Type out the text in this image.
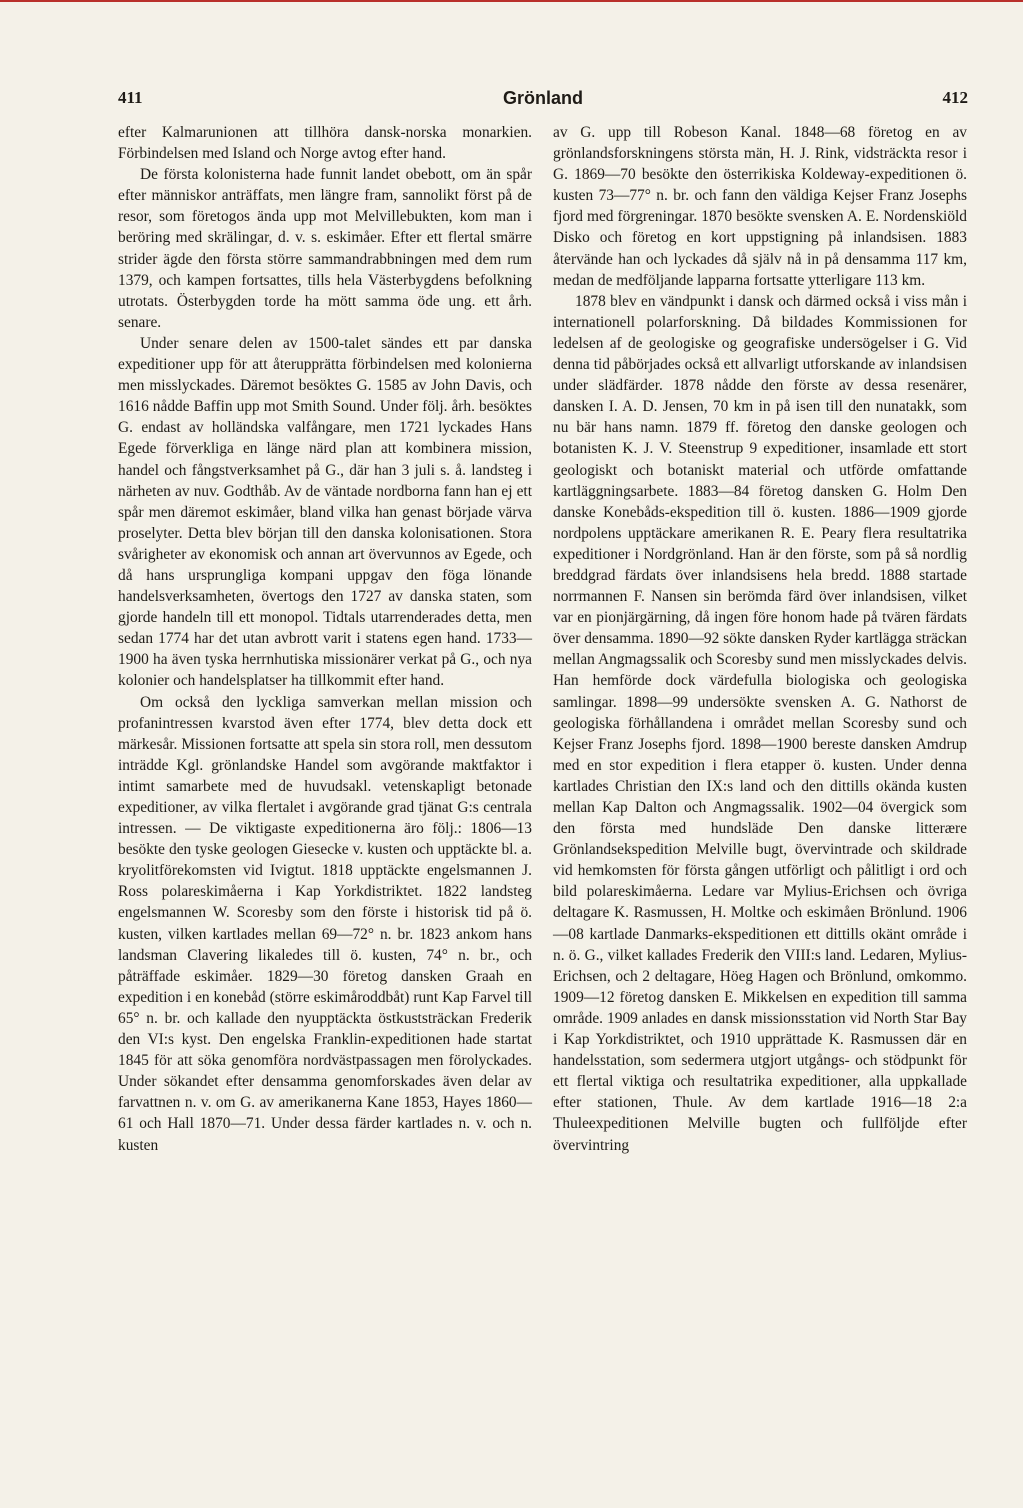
411	Grönland	412

efter Kalmarunionen att tillhöra dansk-norska monarkien. Förbindelsen med Island och Norge avtog efter hand.

De första kolonisterna hade funnit landet obebott, om än spår efter människor anträffats, men längre fram, sannolikt först på de resor, som företogos ända upp mot Melvillebukten, kom man i beröring med skrälingar, d. v. s. eskimåer. Efter ett flertal smärre strider ägde den första större sammandrabbningen med dem rum 1379, och kampen fortsattes, tills hela Västerbygdens befolkning utrotats. Österbygden torde ha mött samma öde ung. ett årh. senare.

Under senare delen av 1500-talet sändes ett par danska expeditioner upp för att återupprätta förbindelsen med kolonierna men misslyckades. Däremot besöktes G. 1585 av John Davis, och 1616 nådde Baffin upp mot Smith Sound. Under följ. årh. besöktes G. endast av holländska valfångare, men 1721 lyckades Hans Egede förverkliga en länge närd plan att kombinera mission, handel och fångstverksamhet på G., där han 3 juli s. å. landsteg i närheten av nuv. Godthåb. Av de väntade nordborna fann han ej ett spår men däremot eskimåer, bland vilka han genast började värva proselyter. Detta blev början till den danska kolonisationen. Stora svårigheter av ekonomisk och annan art övervunnos av Egede, och då hans ursprungliga kompani uppgav den föga lönande handelsverksamheten, övertogs den 1727 av danska staten, som gjorde handeln till ett monopol. Tidtals utarrenderades detta, men sedan 1774 har det utan avbrott varit i statens egen hand. 1733—1900 ha även tyska herrnhutiska missionärer verkat på G., och nya kolonier och handelsplatser ha tillkommit efter hand.

Om också den lyckliga samverkan mellan mission och profanintressen kvarstod även efter 1774, blev detta dock ett märkesår. Missionen fortsatte att spela sin stora roll, men dessutom inträdde Kgl. grönlandske Handel som avgörande maktfaktor i intimt samarbete med de huvudsakl. vetenskapligt betonade expeditioner, av vilka flertalet i avgörande grad tjänat G:s centrala intressen. — De viktigaste expeditionerna äro följ.: 1806—13 besökte den tyske geologen Giesecke v. kusten och upptäckte bl. a. kryolitförekomsten vid Ivigtut. 1818 upptäckte engelsmannen J. Ross polareskimåerna i Kap Yorkdistriktet. 1822 landsteg engelsmannen W. Scoresby som den förste i historisk tid på ö. kusten, vilken kartlades mellan 69—72° n. br. 1823 ankom hans landsman Clavering likaledes till ö. kusten, 74° n. br., och påträffade eskimåer. 1829—30 företog dansken Graah en expedition i en konebåd (större eskimåroddbåt) runt Kap Farvel till 65° n. br. och kallade den nyupptäckta östkuststräckan Frederik den VI:s kyst. Den engelska Franklin-expeditionen hade startat 1845 för att söka genomföra nordvästpassagen men förolyckades. Under sökandet efter densamma genomforskades även delar av farvattnen n. v. om G. av amerikanerna Kane 1853, Hayes 1860—61 och Hall 1870—71. Under dessa färder kartlades n. v. och n. kusten

av G. upp till Robeson Kanal. 1848—68 företog en av grönlandsforskningens största män, H. J. Rink, vidsträckta resor i G. 1869—70 besökte den österrikiska Koldeway-expeditionen ö. kusten 73—77° n. br. och fann den väldiga Kejser Franz Josephs fjord med förgreningar. 1870 besökte svensken A. E. Nordenskiöld Disko och företog en kort uppstigning på inlandsisen. 1883 återvände han och lyckades då själv nå in på densamma 117 km, medan de medföljande lapparna fortsatte ytterligare 113 km.

1878 blev en vändpunkt i dansk och därmed också i viss mån i internationell polarforskning. Då bildades Kommissionen for ledelsen af de geologiske og geografiske undersögelser i G. Vid denna tid påbörjades också ett allvarligt utforskande av inlandsisen under slädfärder. 1878 nådde den förste av dessa resenärer, dansken I. A. D. Jensen, 70 km in på isen till den nunatakk, som nu bär hans namn. 1879 ff. företog den danske geologen och botanisten K. J. V. Steenstrup 9 expeditioner, insamlade ett stort geologiskt och botaniskt material och utförde omfattande kartläggningsarbete. 1883—84 företog dansken G. Holm Den danske Konebåds-ekspedition till ö. kusten. 1886—1909 gjorde nordpolens upptäckare amerikanen R. E. Peary flera resultatrika expeditioner i Nordgrönland. Han är den förste, som på så nordlig breddgrad färdats över inlandsisens hela bredd. 1888 startade norrmannen F. Nansen sin berömda färd över inlandsisen, vilket var en pionjärgärning, då ingen före honom hade på tvären färdats över densamma. 1890—92 sökte dansken Ryder kartlägga sträckan mellan Angmagssalik och Scoresby sund men misslyckades delvis. Han hemförde dock värdefulla biologiska och geologiska samlingar. 1898—99 undersökte svensken A. G. Nathorst de geologiska förhållandena i området mellan Scoresby sund och Kejser Franz Josephs fjord. 1898—1900 bereste dansken Amdrup med en stor expedition i flera etapper ö. kusten. Under denna kartlades Christian den IX:s land och den dittills okända kusten mellan Kap Dalton och Angmagssalik. 1902—04 övergick som den första med hundsläde Den danske litterære Grönlandsekspedition Melville bugt, övervintrade och skildrade vid hemkomsten för första gången utförligt och pålitligt i ord och bild polareskimåerna. Ledare var Mylius-Erichsen och övriga deltagare K. Rasmussen, H. Moltke och eskimåen Brönlund. 1906—08 kartlade Danmarks-ekspeditionen ett dittills okänt område i n. ö. G., vilket kallades Frederik den VIII:s land. Ledaren, Mylius-Erichsen, och 2 deltagare, Höeg Hagen och Brönlund, omkommo. 1909—12 företog dansken E. Mikkelsen en expedition till samma område. 1909 anlades en dansk missionsstation vid North Star Bay i Kap Yorkdistriktet, och 1910 upprättade K. Rasmussen där en handelsstation, som sedermera utgjort utgångs- och stödpunkt för ett flertal viktiga och resultatrika expeditioner, alla uppkallade efter stationen, Thule. Av dem kartlade 1916—18 2:a Thuleexpeditionen Melville bugten och fullföljde efter övervintring
